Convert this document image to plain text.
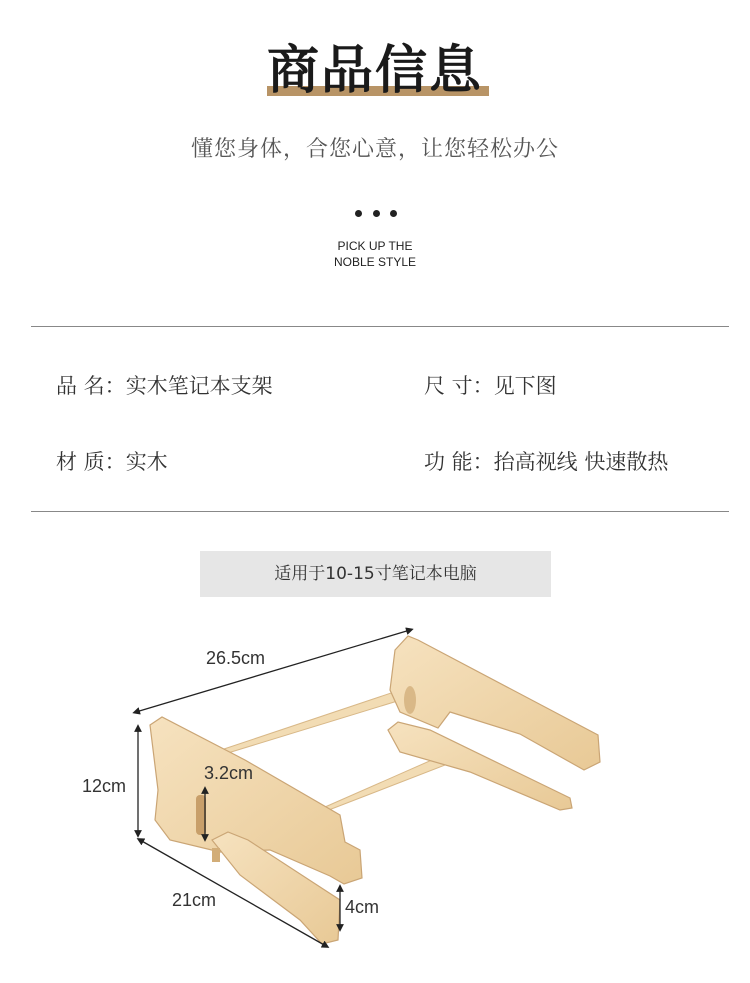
商品信息
懂您身体，合您心意，让您轻松办公
PICK UP THE
NOBLE STYLE
品 名：实木笔记本支架	尺 寸：见下图
材 质：实木	功 能：抬高视线 快速散热
适用于10-15寸笔记本电脑
26.5cm
12cm
3.2cm
21cm	4cm
